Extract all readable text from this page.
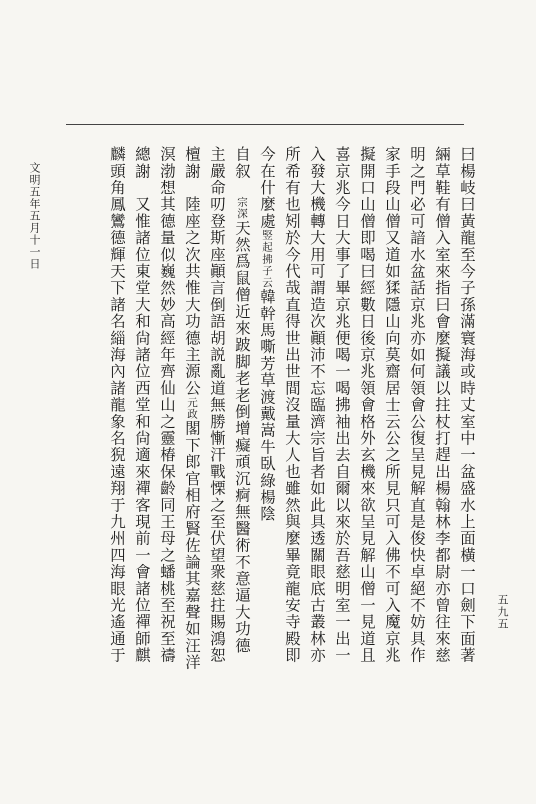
文明五年五月十一日
五九五
曰楊岐曰黃龍至今子孫滿寰海或時丈室中一盆盛水上面橫一口劍下面著
緉草鞋有僧入室來指曰會麼擬議以拄杖打趕出楊翰林李都尉亦曾往來慈
明之門必可諳水盆話京兆亦如何領會公復呈見解直是俊快卓絕不妨具作
家手段山僧又道如猱隱山向莫齋居士云公之所見只可入佛不可入魔京兆
擬開口山僧即喝曰經數日後京兆領會格外玄機來欲呈見解山僧一見道且
喜京兆今日大事了畢京兆便喝一喝拂袖出去自爾以來於吾慈明室一出一
入發大機轉大用可謂造次顚沛不忘臨濟宗旨者如此具透關眼底古叢林亦
所希有也矧於今代哉直得世出世間沒量大人也雖然與麼畢竟龍安寺殿即
今在什麼處竪起拂子云韓幹馬嘶芳草渡戴嵩牛臥綠楊陰
自叙　宗深天然爲鼠僧近來跛脚老老倒增癡頑沉痾無醫術不意逼大功德
主嚴命叨登斯座顚言倒語胡説亂道無勝慚汗戰慄之至伏望衆慈拄賜鴻恕
檀謝　陸座之次共惟大功德主源公元政閣下郎官相府賢佐論其嘉聲如汪洋
溟渤想其德量似巍然妙高經年齊仙山之靈椿保齡同王母之蟠桃至祝至禱
總謝　又惟諸位東堂大和尙諸位西堂和尙適來禪客現前一會諸位禪師麒
麟頭角鳳鸞德輝天下諸名緇海內諸龍象名猊遠翔于九州四海眼光遙通于
